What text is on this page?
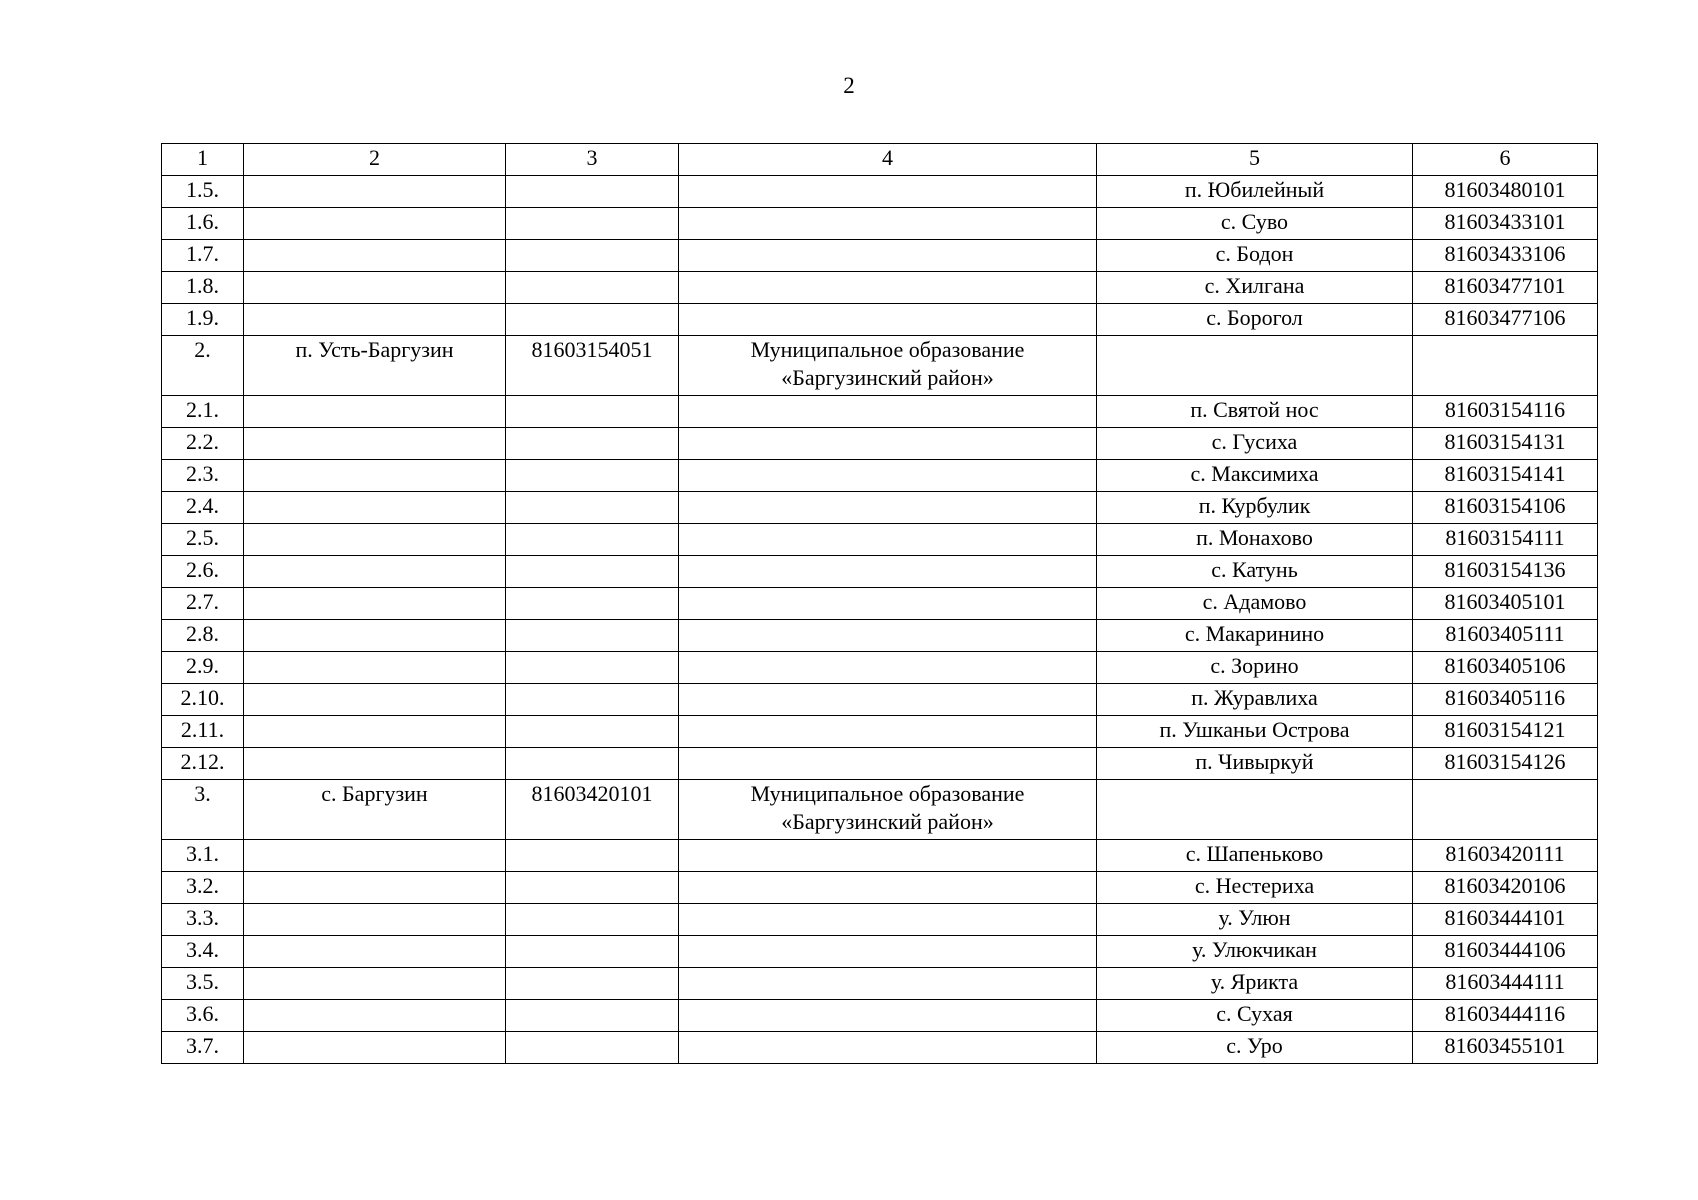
2
1	2	3	4	5	6
1.5.				п. Юбилейный	81603480101
1.6.				с. Суво	81603433101
1.7.				с. Бодон	81603433106
1.8.				с. Хилгана	81603477101
1.9.				с. Борогол	81603477106
2.	п. Усть-Баргузин	81603154051	Муниципальное образование «Баргузинский район»		
2.1.				п. Святой нос	81603154116
2.2.				с. Гусиха	81603154131
2.3.				с. Максимиха	81603154141
2.4.				п. Курбулик	81603154106
2.5.				п. Монахово	81603154111
2.6.				с. Катунь	81603154136
2.7.				с. Адамово	81603405101
2.8.				с. Макаринино	81603405111
2.9.				с. Зорино	81603405106
2.10.				п. Журавлиха	81603405116
2.11.				п. Ушканьи Острова	81603154121
2.12.				п. Чивыркуй	81603154126
3.	с. Баргузин	81603420101	Муниципальное образование «Баргузинский район»		
3.1.				с. Шапеньково	81603420111
3.2.				с. Нестериха	81603420106
3.3.				у. Улюн	81603444101
3.4.				у. Улюкчикан	81603444106
3.5.				у. Ярикта	81603444111
3.6.				с. Сухая	81603444116
3.7.				с. Уро	81603455101
